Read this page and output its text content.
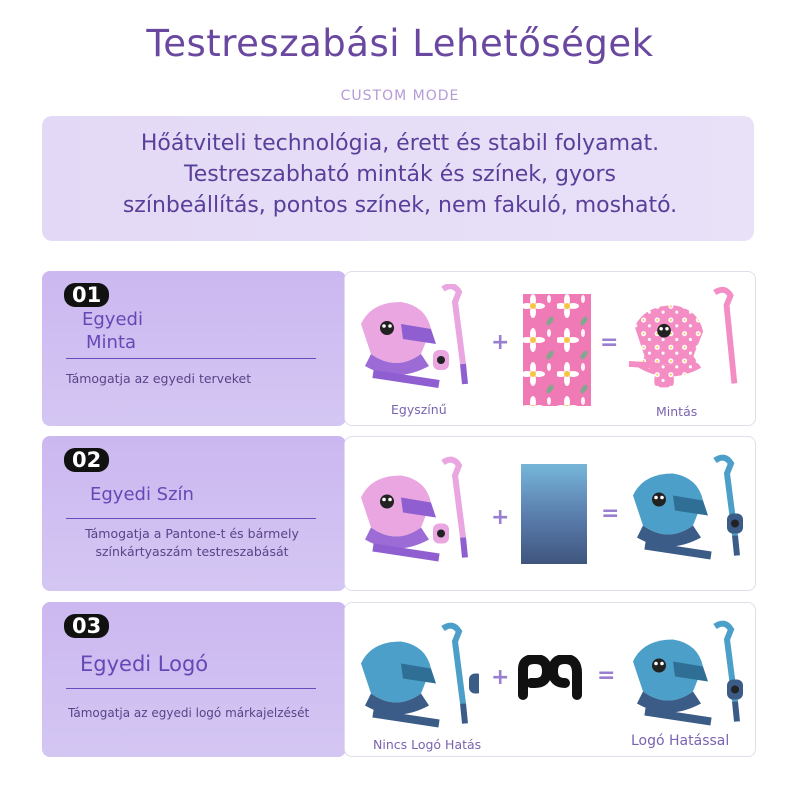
Testreszabási Lehetőségek
CUSTOM MODE
Hőátviteli technológia, érett és stabil folyamat.
Testreszabható minták és színek, gyors
színbeállítás, pontos színek, nem fakuló, mosható.
01
Egyedi
Minta
Támogatja az egyedi terveket
Egyszínű
+	=
Mintás
02
Egyedi Szín
Támogatja a Pantone-t és bármely
színkártyaszám testreszabását
+	=
03
Egyedi Logó
Támogatja az egyedi logó márkajelzését
Nincs Logó Hatás
+	=
Logó Hatással
